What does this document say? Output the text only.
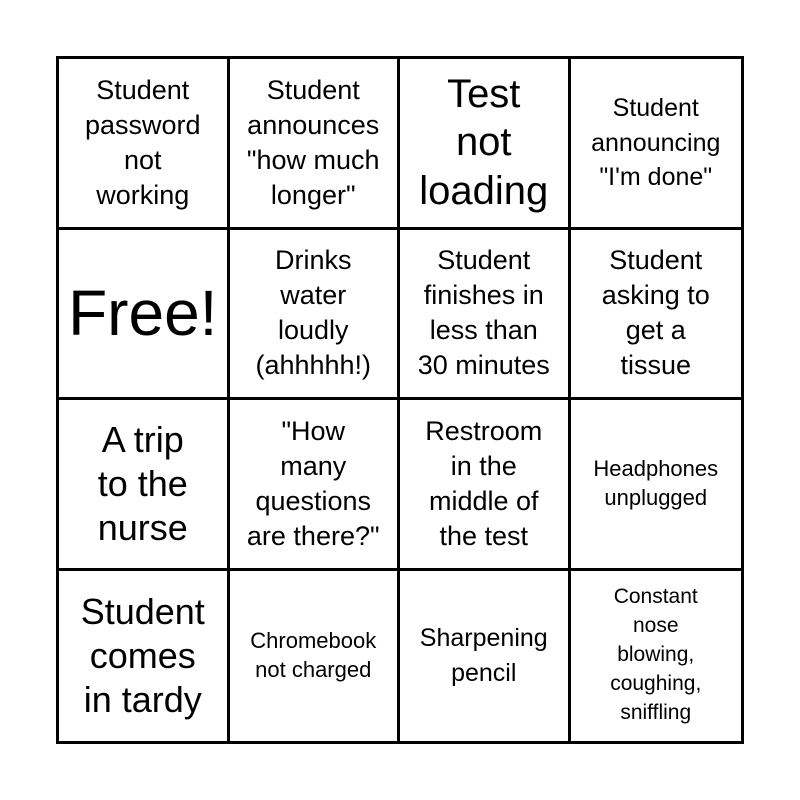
Student
password
not
working
Student
announces
"how much
longer"
Test
not
loading
Student
announcing
"I'm done"
Free!
Drinks
water
loudly
(ahhhhh!)
Student
finishes in
less than
30 minutes
Student
asking to
get a
tissue
A trip
to the
nurse
"How
many
questions
are there?"
Restroom
in the
middle of
the test
Headphones
unplugged
Student
comes
in tardy
Chromebook
not charged
Sharpening
pencil
Constant
nose
blowing,
coughing,
sniffling
